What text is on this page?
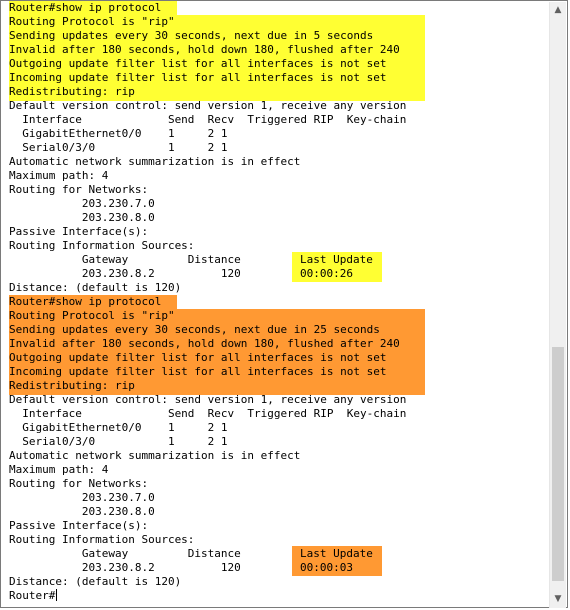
Router#show ip protocol
Routing Protocol is "rip"
Sending updates every 30 seconds, next due in 5 seconds
Invalid after 180 seconds, hold down 180, flushed after 240
Outgoing update filter list for all interfaces is not set
Incoming update filter list for all interfaces is not set
Redistributing: rip
Default version control: send version 1, receive any version
Interface             Send  Recv  Triggered RIP  Key-chain
GigabitEthernet0/0    1     2 1
Serial0/3/0           1     2 1
Automatic network summarization is in effect
Maximum path: 4
Routing for Networks:
203.230.7.0
203.230.8.0
Passive Interface(s):
Routing Information Sources:
Gateway         Distance
203.230.8.2          120
Distance: (default is 120)
Router#show ip protocol
Routing Protocol is "rip"
Sending updates every 30 seconds, next due in 25 seconds
Invalid after 180 seconds, hold down 180, flushed after 240
Outgoing update filter list for all interfaces is not set
Incoming update filter list for all interfaces is not set
Redistributing: rip
Default version control: send version 1, receive any version
Interface             Send  Recv  Triggered RIP  Key-chain
GigabitEthernet0/0    1     2 1
Serial0/3/0           1     2 1
Automatic network summarization is in effect
Maximum path: 4
Routing for Networks:
203.230.7.0
203.230.8.0
Passive Interface(s):
Routing Information Sources:
Gateway         Distance
203.230.8.2          120
Distance: (default is 120)
Router#
Last Update
00:00:26
Last Update
00:00:03
▲
▼
